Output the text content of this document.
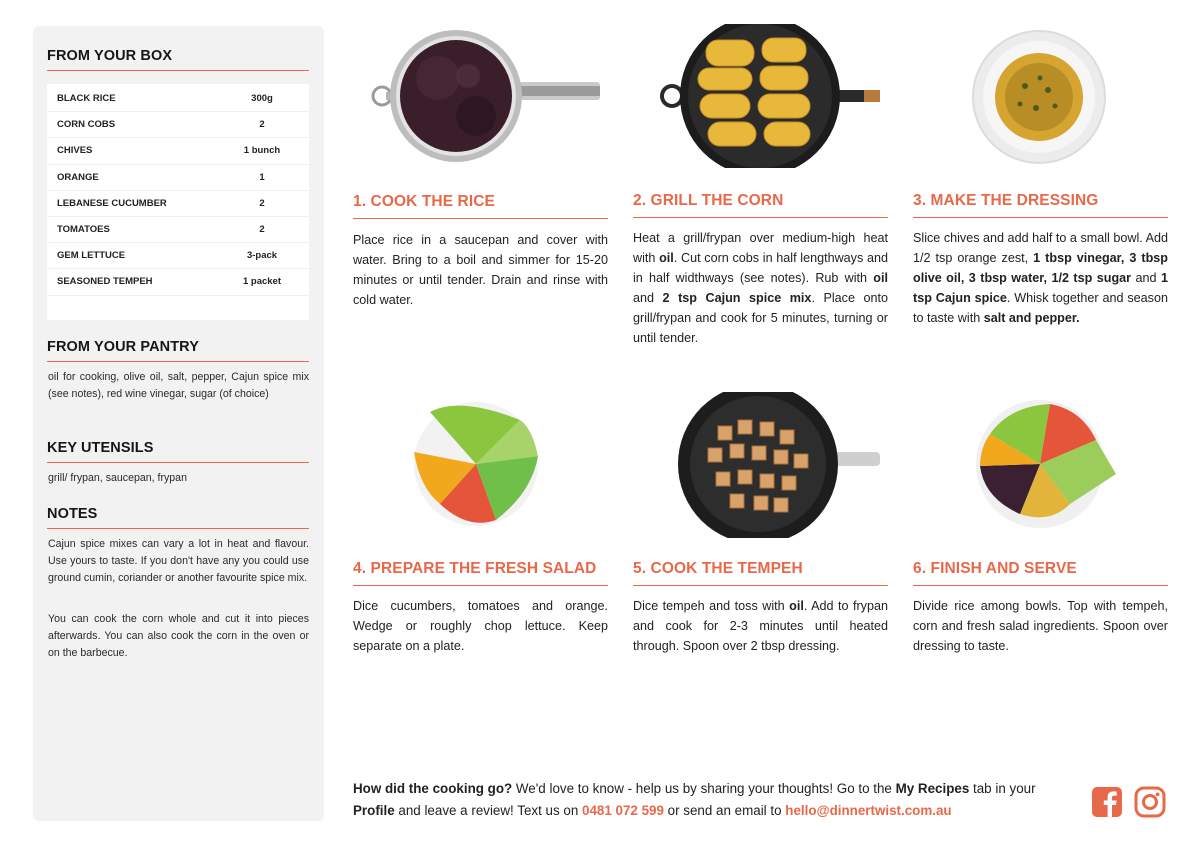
FROM YOUR BOX
BLACK RICE	300g
CORN COBS	2
CHIVES	1 bunch
ORANGE	1
LEBANESE CUCUMBER	2
TOMATOES	2
GEM LETTUCE	3-pack
SEASONED TEMPEH	1 packet
FROM YOUR PANTRY
oil for cooking, olive oil, salt, pepper, Cajun spice mix (see notes), red wine vinegar, sugar (of choice)
KEY UTENSILS
grill/ frypan, saucepan, frypan
NOTES
Cajun spice mixes can vary a lot in heat and flavour. Use yours to taste. If you don't have any you could use ground cumin, coriander or another favourite spice mix.
You can cook the corn whole and cut it into pieces afterwards. You can also cook the corn in the oven or on the barbecue.
1. COOK THE RICE
Place rice in a saucepan and cover with water. Bring to a boil and simmer for 15-20 minutes or until tender. Drain and rinse with cold water.
2. GRILL THE CORN
Heat a grill/frypan over medium-high heat with oil. Cut corn cobs in half lengthways and in half widthways (see notes). Rub with oil and 2 tsp Cajun spice mix. Place onto grill/frypan and cook for 5 minutes, turning or until tender.
3. MAKE THE DRESSING
Slice chives and add half to a small bowl. Add 1/2 tsp orange zest, 1 tbsp vinegar, 3 tbsp olive oil, 3 tbsp water, 1/2 tsp sugar and 1 tsp Cajun spice. Whisk together and season to taste with salt and pepper.
4. PREPARE THE FRESH SALAD
Dice cucumbers, tomatoes and orange. Wedge or roughly chop lettuce. Keep separate on a plate.
5. COOK THE TEMPEH
Dice tempeh and toss with oil. Add to frypan and cook for 2-3 minutes until heated through. Spoon over 2 tbsp dressing.
6. FINISH AND SERVE
Divide rice among bowls. Top with tempeh, corn and fresh salad ingredients. Spoon over dressing to taste.
How did the cooking go? We'd love to know - help us by sharing your thoughts! Go to the My Recipes tab in your Profile and leave a review! Text us on 0481 072 599 or send an email to hello@dinnertwist.com.au
